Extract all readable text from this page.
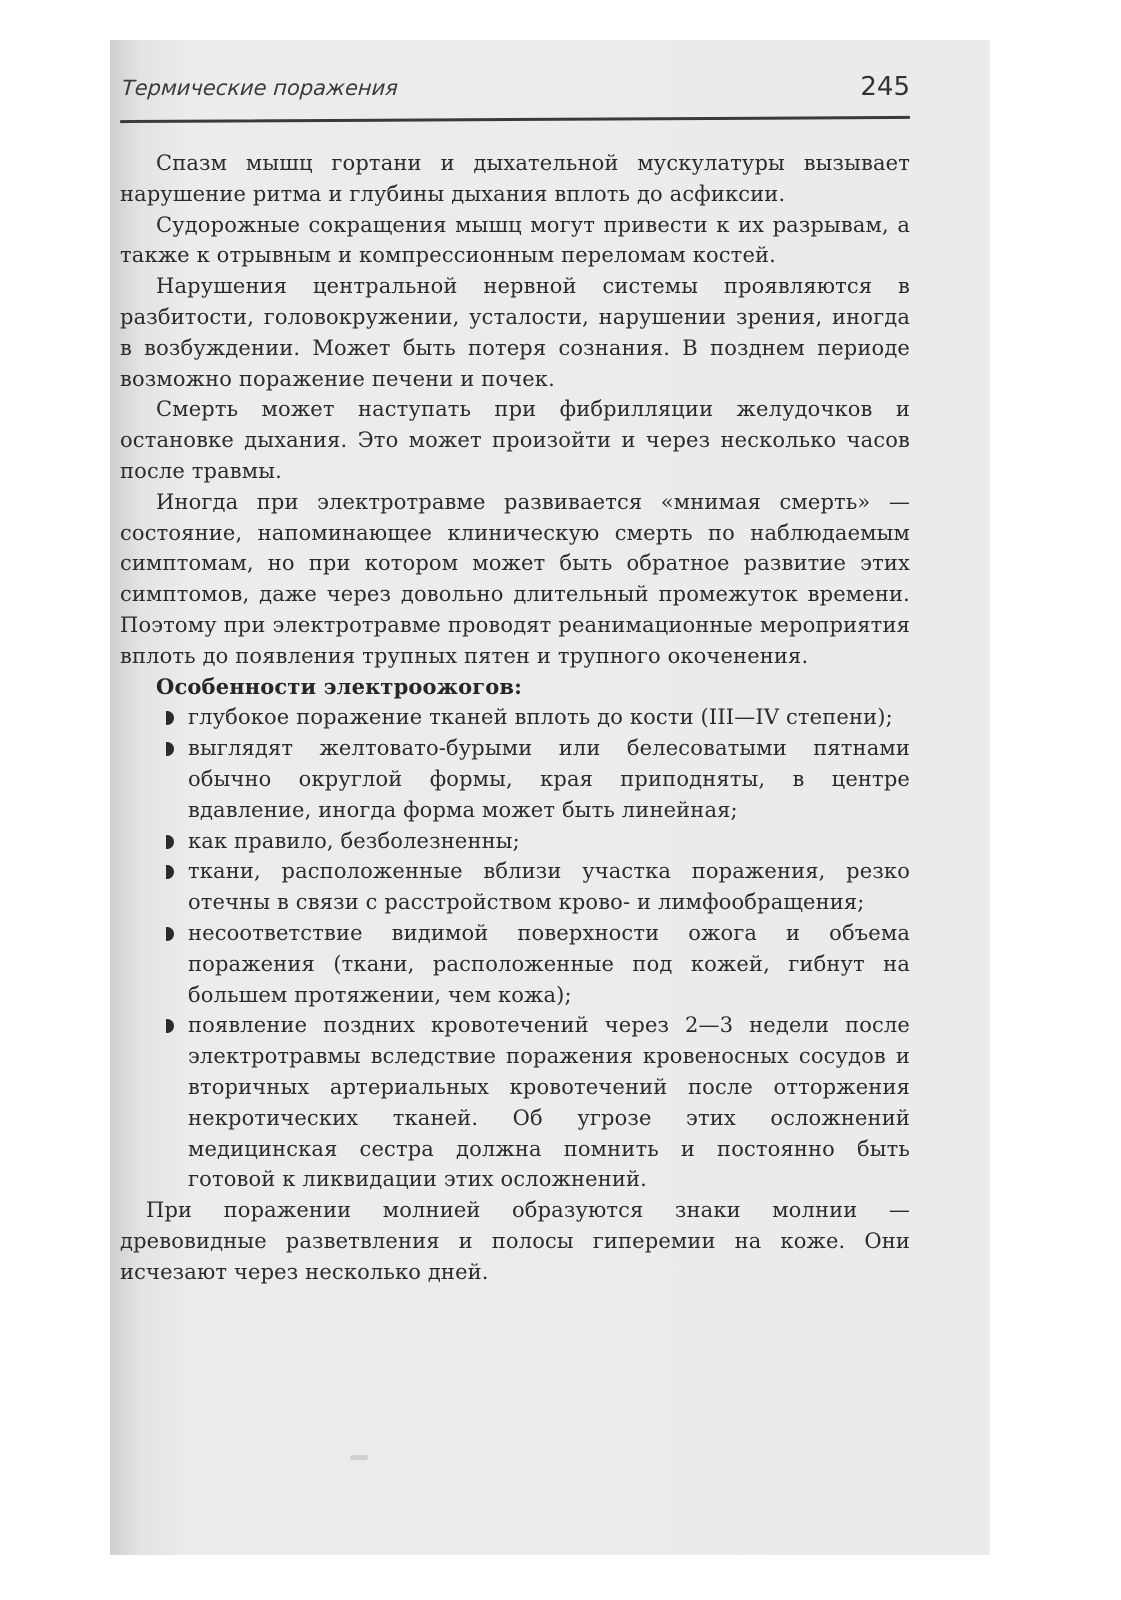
Термические поражения	245

Спазм мышц гортани и дыхательной мускулатуры вызывает нарушение ритма и глубины дыхания вплоть до асфиксии.

Судорожные сокращения мышц могут привести к их разрывам, а также к отрывным и компрессионным переломам костей.

Нарушения центральной нервной системы проявляются в разбитости, головокружении, усталости, нарушении зрения, иногда в возбуждении. Может быть потеря сознания. В позднем периоде возможно поражение печени и почек.

Смерть может наступать при фибрилляции желудочков и остановке дыхания. Это может произойти и через несколько часов после травмы.

Иногда при электротравме развивается «мнимая смерть» — состояние, напоминающее клиническую смерть по наблюдаемым симптомам, но при котором может быть обратное развитие этих симптомов, даже через довольно длительный промежуток времени. Поэтому при электротравме проводят реанимационные мероприятия вплоть до появления трупных пятен и трупного окоченения.

Особенности электроожогов:

глубокое поражение тканей вплоть до кости (III—IV степени);
выглядят желтовато-бурыми или белесоватыми пятнами обычно округлой формы, края приподняты, в центре вдавление, иногда форма может быть линейная;
как правило, безболезненны;
ткани, расположенные вблизи участка поражения, резко отечны в связи с расстройством крово- и лимфообращения;
несоответствие видимой поверхности ожога и объема поражения (ткани, расположенные под кожей, гибнут на большем протяжении, чем кожа);
появление поздних кровотечений через 2—3 недели после электротравмы вследствие поражения кровеносных сосудов и вторичных артериальных кровотечений после отторжения некротических тканей. Об угрозе этих осложнений медицинская сестра должна помнить и постоянно быть готовой к ликвидации этих осложнений.

При поражении молнией образуются знаки молнии — древовидные разветвления и полосы гиперемии на коже. Они исчезают через несколько дней.
